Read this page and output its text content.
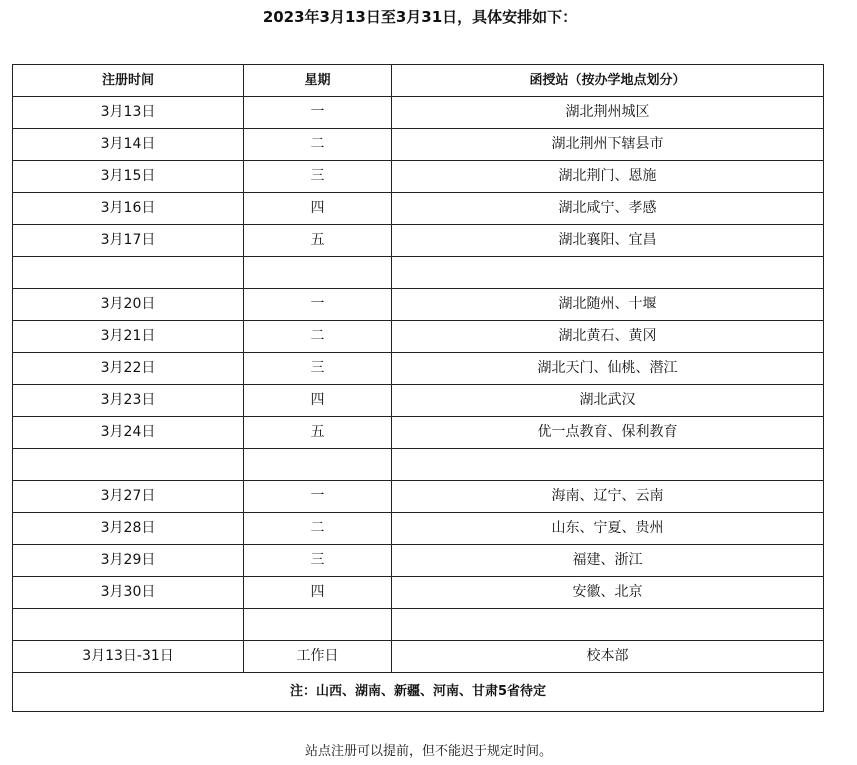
2023年3月13日至3月31日，具体安排如下：
注册时间	星期	函授站（按办学地点划分）
3月13日	一	湖北荆州城区
3月14日	二	湖北荆州下辖县市
3月15日	三	湖北荆门、恩施
3月16日	四	湖北咸宁、孝感
3月17日	五	湖北襄阳、宜昌

3月20日	一	湖北随州、十堰
3月21日	二	湖北黄石、黄冈
3月22日	三	湖北天门、仙桃、潜江
3月23日	四	湖北武汉
3月24日	五	优一点教育、保利教育

3月27日	一	海南、辽宁、云南
3月28日	二	山东、宁夏、贵州
3月29日	三	福建、浙江
3月30日	四	安徽、北京

3月13日-31日	工作日	校本部
注：山西、湖南、新疆、河南、甘肃5省待定		
站点注册可以提前，但不能迟于规定时间。
